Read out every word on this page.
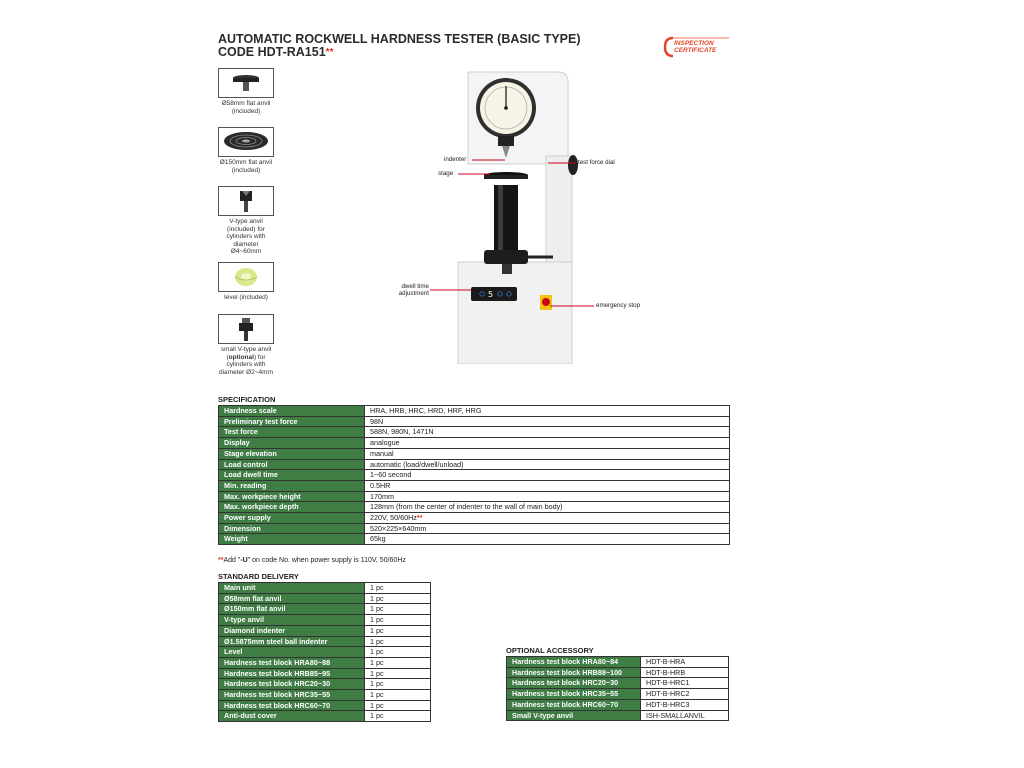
AUTOMATIC ROCKWELL HARDNESS TESTER (BASIC TYPE)
CODE HDT-RA151**
INSPECTION
CERTIFICATE
Ø58mm flat anvil (included)
Ø150mm flat anvil (included)
V-type anvil (included) for cylinders with diameter Ø4~60mm
level (included)
small V-type anvil (optional) for cylinders with diameter Ø2~4mm
5
indenter
stage
test force dial
dwell time adjustment
emergency stop
SPECIFICATION
Hardness scale	HRA, HRB, HRC, HRD, HRF, HRG
Preliminary test force	98N
Test force	588N, 980N, 1471N
Display	analogue
Stage elevation	manual
Load control	automatic (load/dwell/unload)
Load dwell time	1~60 second
Min. reading	0.5HR
Max. workpiece height	170mm
Max. workpiece depth	128mm (from the center of indenter to the wall of main body)
Power supply	220V, 50/60Hz**
Dimension	520×225×640mm
Weight	65kg
**Add "-U" on code No. when power supply is 110V, 50/60Hz
STANDARD DELIVERY
Main unit	1 pc
Ø58mm flat anvil	1 pc
Ø150mm flat anvil	1 pc
V-type anvil	1 pc
Diamond indenter	1 pc
Ø1.5875mm steel ball indenter	1 pc
Level	1 pc
Hardness test block HRA80~88	1 pc
Hardness test block HRB85~95	1 pc
Hardness test block HRC20~30	1 pc
Hardness test block HRC35~55	1 pc
Hardness test block HRC60~70	1 pc
Anti-dust cover	1 pc
OPTIONAL ACCESSORY
Hardness test block HRA80~84	HDT-B-HRA
Hardness test block HRB88~100	HDT-B-HRB
Hardness test block HRC20~30	HDT-B-HRC1
Hardness test block HRC35~55	HDT-B-HRC2
Hardness test block HRC60~70	HDT-B-HRC3
Small V-type anvil	ISH-SMALLANVIL
